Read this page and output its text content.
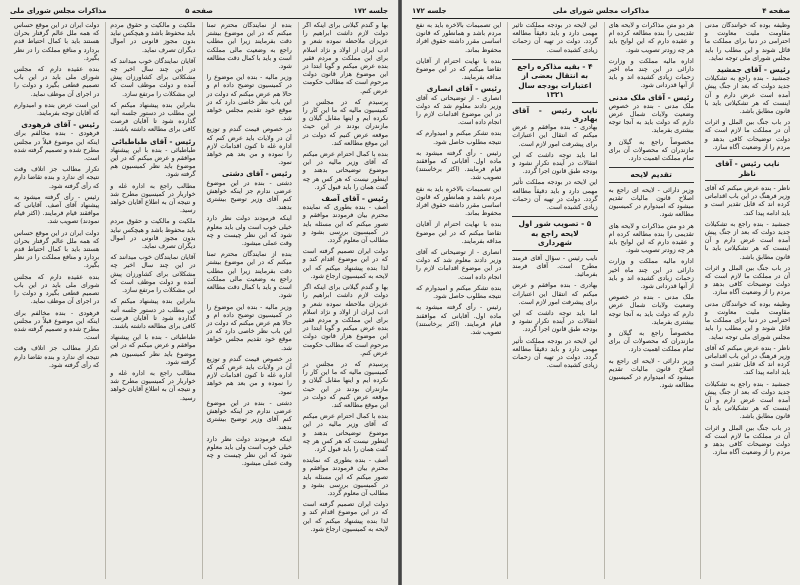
جلسه ۱۷۲
صفحه ۵
مذاکرات مجلس شورای ملی

بها و گندم گیلانی برای اینکه اگر دولت لازم داشت ابراهیم را عزیزان ملاحظه نموده شعر و ادب ایران از اولاد و نژاد اسلام برای این مملکت و مردم فقیر بنده عرض میکنم و گویا ابتدا در این موضوع هزار قانون دولت مرحوم است که مطالب حکومت عرض کنم.

پرسیدم که در مجلس در کمیسیون مالیه که ما این کار را نکرده ایم و اینها مقابل گیلان و مازندران بودند در این حیث موقعه عرض کنیم که دولت در این موقع مطالعه کند.

بنده با کمال احترام عرض میکنم که آقای وزیر مالیه در این موضوع توضیحاتی بدهند و اینطور نیست که هر کس هر چه گفت همان را باید قبول کرد.

رئیس - آقای آصف

آصف - بنده بطوری که نماینده محترم بیان فرمودند موافقم و تصور میکنم که این مسئله باید در کمیسیون بررسی بشود و مطالب آن معلوم گردد.

دولت ایران تصمیم گرفته است که در این موضوع اقدام کند و لذا بنده پیشنهاد میکنم که این لایحه به کمیسیون ارجاع شود.

بها و گندم گیلانی برای اینکه اگر دولت لازم داشت ابراهیم را عزیزان ملاحظه نموده شعر و ادب ایران از اولاد و نژاد اسلام برای این مملکت و مردم فقیر بنده عرض میکنم و گویا ابتدا در این موضوع هزار قانون دولت مرحوم است که مطالب حکومت عرض کنم.

پرسیدم که در مجلس در کمیسیون مالیه که ما این کار را نکرده ایم و اینها مقابل گیلان و مازندران بودند در این حیث موقعه عرض کنیم که دولت در این موقع مطالعه کند.

بنده با کمال احترام عرض میکنم که آقای وزیر مالیه در این موضوع توضیحاتی بدهند و اینطور نیست که هر کس هر چه گفت همان را باید قبول کرد.

آصف - بنده بطوری که نماینده محترم بیان فرمودند موافقم و تصور میکنم که این مسئله باید در کمیسیون بررسی بشود و مطالب آن معلوم گردد.

دولت ایران تصمیم گرفته است که در این موضوع اقدام کند و لذا بنده پیشنهاد میکنم که این لایحه به کمیسیون ارجاع شود.

بنده از نمایندگان محترم تمنا میکنم که در این موضوع بیشتر دقت بفرمایند زیرا این مطلب راجع به وضعیت مالی مملکت است و باید با کمال دقت مطالعه شود.

وزیر مالیه - بنده این موضوع را در کمیسیون توضیح داده ام و حالا هم عرض میکنم که دولت در این باب نظر خاصی دارد که در موقع خود تقدیم مجلس خواهد شد.

در خصوص قیمت گندم و توزیع آن در ولایات باید عرض کنم که اداره غله تا کنون اقدامات لازم را نموده و من بعد هم خواهد نمود.

رئیس - آقای دشتی

دشتی - بنده در این موضوع عرضی ندارم جز اینکه خواهش کنم آقای وزیر توضیح بیشتری بدهند.

اینکه فرمودند دولت نظر دارد خیلی خوب است ولی باید معلوم شود که این نظر چیست و چه وقت عملی میشود.

بنده از نمایندگان محترم تمنا میکنم که در این موضوع بیشتر دقت بفرمایند زیرا این مطلب راجع به وضعیت مالی مملکت است و باید با کمال دقت مطالعه شود.

وزیر مالیه - بنده این موضوع را در کمیسیون توضیح داده ام و حالا هم عرض میکنم که دولت در این باب نظر خاصی دارد که در موقع خود تقدیم مجلس خواهد شد.

در خصوص قیمت گندم و توزیع آن در ولایات باید عرض کنم که اداره غله تا کنون اقدامات لازم را نموده و من بعد هم خواهد نمود.

دشتی - بنده در این موضوع عرضی ندارم جز اینکه خواهش کنم آقای وزیر توضیح بیشتری بدهند.

اینکه فرمودند دولت نظر دارد خیلی خوب است ولی باید معلوم شود که این نظر چیست و چه وقت عملی میشود.

ملکیت و مالکیت و حقوق مردم باید محفوظ باشد و هیچکس نباید بدون مجوز قانونی در اموال دیگران تصرف نماید.

آقایان نمایندگان خوب میدانند که در این چند سال اخیر چه مشکلاتی برای کشاورزان پیش آمده و دولت موظف است که این مشکلات را مرتفع سازد.

بنابراین بنده پیشنهاد میکنم که این مطلب در دستور جلسه آتیه گذارده شود تا آقایان فرصت کافی برای مطالعه داشته باشند.

رئیس - آقای طباطبائی

طباطبائی - بنده با این پیشنهاد موافقم و عرض میکنم که در این موضوع باید نظر کمیسیون هم گرفته شود.

مطالب راجع به اداره غله و خواربار در کمیسیون مطرح شد و نتیجه آن به اطلاع آقایان خواهد رسید.

ملکیت و مالکیت و حقوق مردم باید محفوظ باشد و هیچکس نباید بدون مجوز قانونی در اموال دیگران تصرف نماید.

آقایان نمایندگان خوب میدانند که در این چند سال اخیر چه مشکلاتی برای کشاورزان پیش آمده و دولت موظف است که این مشکلات را مرتفع سازد.

بنابراین بنده پیشنهاد میکنم که این مطلب در دستور جلسه آتیه گذارده شود تا آقایان فرصت کافی برای مطالعه داشته باشند.

طباطبائی - بنده با این پیشنهاد موافقم و عرض میکنم که در این موضوع باید نظر کمیسیون هم گرفته شود.

مطالب راجع به اداره غله و خواربار در کمیسیون مطرح شد و نتیجه آن به اطلاع آقایان خواهد رسید.

دولت ایران در این موقع حساس که همه ملل عالم گرفتار بحران هستند باید با کمال احتیاط قدم بردارد و منافع مملکت را در نظر بگیرد.

بنده عقیده دارم که مجلس شورای ملی باید در این باب تصمیم قطعی بگیرد و دولت را در اجرای آن موظف نماید.

این است عرض بنده و امیدوارم که آقایان توجه بفرمایند.

رئیس - آقای فرهودی

فرهودی - بنده مخالفم برای اینکه این موضوع قبلاً در مجلس مطرح شده و تصمیم گرفته شده است.

تکرار مطالب جز اتلاف وقت نتیجه ای ندارد و بنده تقاضا دارم که رأی گرفته شود.

رئیس - رأی گرفته میشود به پیشنهاد آقای آصف. آقایانی که موافقند قیام فرمایند. (اکثر قیام نمودند) تصویب شد.

دولت ایران در این موقع حساس که همه ملل عالم گرفتار بحران هستند باید با کمال احتیاط قدم بردارد و منافع مملکت را در نظر بگیرد.

بنده عقیده دارم که مجلس شورای ملی باید در این باب تصمیم قطعی بگیرد و دولت را در اجرای آن موظف نماید.

فرهودی - بنده مخالفم برای اینکه این موضوع قبلاً در مجلس مطرح شده و تصمیم گرفته شده است.

تکرار مطالب جز اتلاف وقت نتیجه ای ندارد و بنده تقاضا دارم که رأی گرفته شود.

صفحه ۴
مذاکرات مجلس شورای ملی
جلسه ۱۷۲

وظیفه بوده که خوانندگان مدنی مقاومت ملیت معاونت و احترامی در دنیا برای مملکت ما قائل شوند و این مطلب را باید مجلس شورای ملی توجه نماید.

رئیس - آقای جمشید

جمشید - بنده راجع به تشکیلات جدید دولت که بعد از جنگ پیش آمده است عرض دارم و آن اینست که هر تشکیلاتی باید با قانون مطابق باشد.

در باب جنگ بین الملل و اثرات آن در مملکت ما لازم است که دولت توضیحات کافی بدهد و مردم را از وضعیت آگاه سازد.

نایب رئیس - آقای ناظر

ناظر - بنده عرض میکنم که آقای وزیر فرهنگ در این باب اقداماتی کرده اند که قابل تقدیر است و باید ادامه پیدا کند.

جمشید - بنده راجع به تشکیلات جدید دولت که بعد از جنگ پیش آمده است عرض دارم و آن اینست که هر تشکیلاتی باید با قانون مطابق باشد.

در باب جنگ بین الملل و اثرات آن در مملکت ما لازم است که دولت توضیحات کافی بدهد و مردم را از وضعیت آگاه سازد.

وظیفه بوده که خوانندگان مدنی مقاومت ملیت معاونت و احترامی در دنیا برای مملکت ما قائل شوند و این مطلب را باید مجلس شورای ملی توجه نماید.

ناظر - بنده عرض میکنم که آقای وزیر فرهنگ در این باب اقداماتی کرده اند که قابل تقدیر است و باید ادامه پیدا کند.

جمشید - بنده راجع به تشکیلات جدید دولت که بعد از جنگ پیش آمده است عرض دارم و آن اینست که هر تشکیلاتی باید با قانون مطابق باشد.

در باب جنگ بین الملل و اثرات آن در مملکت ما لازم است که دولت توضیحات کافی بدهد و مردم را از وضعیت آگاه سازد.

هر دو متن مذاکرات و لایحه های تقدیمی را بنده مطالعه کرده ام و عقیده دارم که این لوایح باید هر چه زودتر تصویب شود.

اداره مالیه مملکت و وزارت دارائی در این چند ماه اخیر زحمات زیادی کشیده اند و باید از آنها قدردانی شود.

رئیس - آقای ملک مدنی

ملک مدنی - بنده در خصوص وضعیت ولایات شمال عرض دارم که دولت باید به آنجا توجه بیشتری بفرماید.

مخصوصاً راجع به گیلان و مازندران که محصولات آن برای تمام مملکت اهمیت دارد.

تقدیم لایحه

وزیر دارائی - لایحه ای راجع به اصلاح قانون مالیات تقدیم میشود که امیدوارم در کمیسیون مطالعه شود.

هر دو متن مذاکرات و لایحه های تقدیمی را بنده مطالعه کرده ام و عقیده دارم که این لوایح باید هر چه زودتر تصویب شود.

اداره مالیه مملکت و وزارت دارائی در این چند ماه اخیر زحمات زیادی کشیده اند و باید از آنها قدردانی شود.

ملک مدنی - بنده در خصوص وضعیت ولایات شمال عرض دارم که دولت باید به آنجا توجه بیشتری بفرماید.

مخصوصاً راجع به گیلان و مازندران که محصولات آن برای تمام مملکت اهمیت دارد.

وزیر دارائی - لایحه ای راجع به اصلاح قانون مالیات تقدیم میشود که امیدوارم در کمیسیون مطالعه شود.

این لایحه در بودجه مملکت تأثیر مهمی دارد و باید دقیقاً مطالعه گردد. دولت در تهیه آن زحمات زیادی کشیده است.

۴ - بقیه مذاکره راجع به انتقال بعضی از اعتبارات بودجه سال ۱۳۲۱
نایب رئیس - آقای بهادری

بهادری - بنده موافقم و عرض میکنم که انتقال این اعتبارات برای پیشرفت امور لازم است.

اما باید توجه داشت که این انتقالات در آینده تکرار نشود و بودجه طبق قانون اجرا گردد.

این لایحه در بودجه مملکت تأثیر مهمی دارد و باید دقیقاً مطالعه گردد. دولت در تهیه آن زحمات زیادی کشیده است.

۵ - تصویب شور اول لایحه راجع به شهرداری

نایب رئیس - سؤال آقای فرمند مطرح است. آقای فرمند بفرمائید.

بهادری - بنده موافقم و عرض میکنم که انتقال این اعتبارات برای پیشرفت امور لازم است.

اما باید توجه داشت که این انتقالات در آینده تکرار نشود و بودجه طبق قانون اجرا گردد.

این لایحه در بودجه مملکت تأثیر مهمی دارد و باید دقیقاً مطالعه گردد. دولت در تهیه آن زحمات زیادی کشیده است.

این تصمیمات بالاخره باید به نفع مردم باشد و همانطور که قانون اساسی مقرر داشته حقوق افراد محفوظ بماند.

بنده با نهایت احترام از آقایان تقاضا میکنم که در این موضوع مداقه بفرمایند.

رئیس - آقای انصاری

انصاری - از توضیحاتی که آقای وزیر دادند معلوم شد که دولت در این موضوع اقدامات لازم را انجام داده است.

بنده تشکر میکنم و امیدوارم که نتیجه مطلوب حاصل شود.

رئیس - رأی گرفته میشود به ماده اول. آقایانی که موافقند قیام فرمایند. (اکثر برخاستند) تصویب شد.

این تصمیمات بالاخره باید به نفع مردم باشد و همانطور که قانون اساسی مقرر داشته حقوق افراد محفوظ بماند.

بنده با نهایت احترام از آقایان تقاضا میکنم که در این موضوع مداقه بفرمایند.

انصاری - از توضیحاتی که آقای وزیر دادند معلوم شد که دولت در این موضوع اقدامات لازم را انجام داده است.

بنده تشکر میکنم و امیدوارم که نتیجه مطلوب حاصل شود.

رئیس - رأی گرفته میشود به ماده اول. آقایانی که موافقند قیام فرمایند. (اکثر برخاستند) تصویب شد.
